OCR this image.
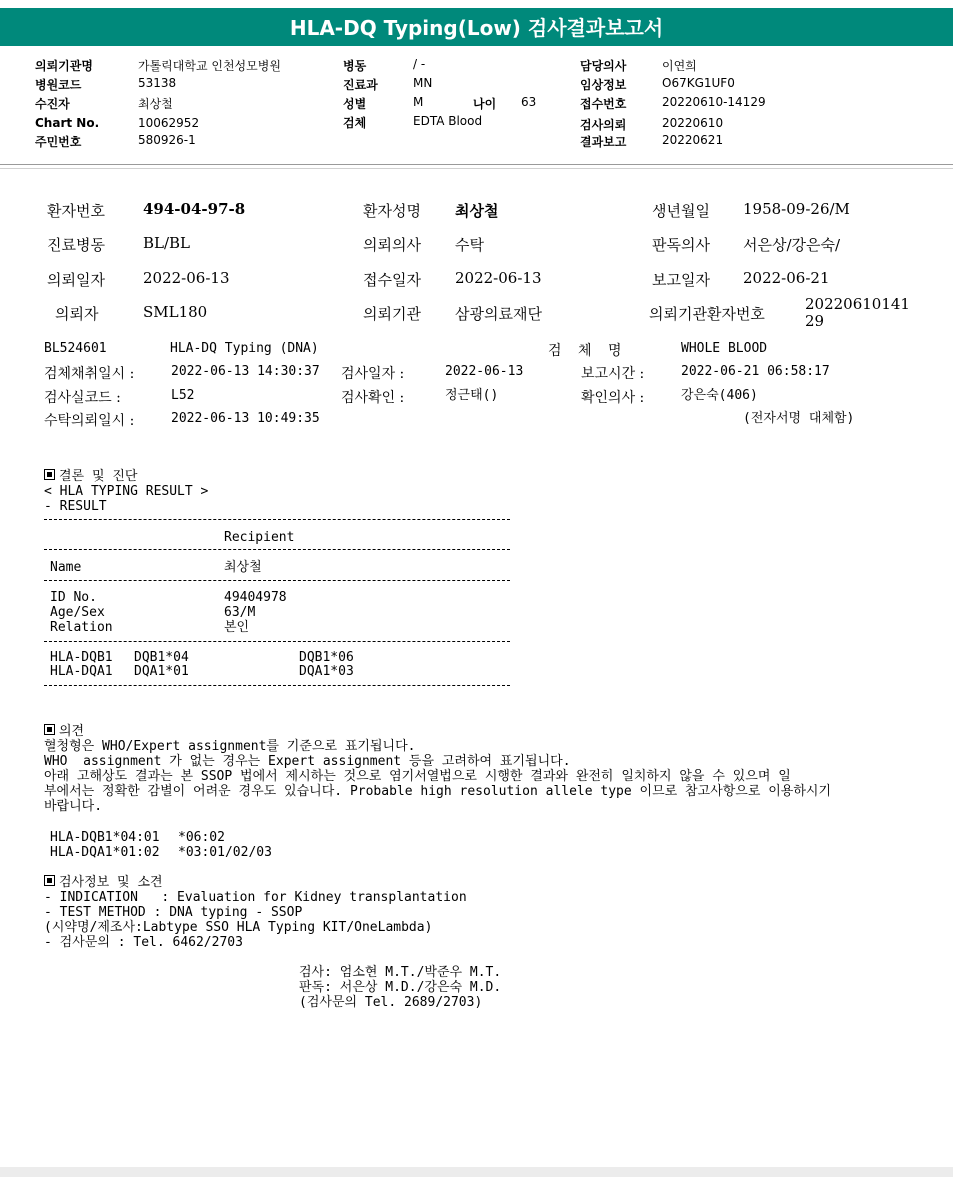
HLA-DQ Typing(Low) 검사결과보고서
의뢰기관명	가톨릭대학교 인천성모병원
병원코드	53138
수진자	최상철
Chart No.	10062952
주민번호	580926-1
병동	/ -
진료과	MN
성별	M	나이 63
검체	EDTA Blood
담당의사	이연희
임상정보	O67KG1UF0
접수번호	20220610-14129
검사의뢰	20220610
결과보고	20220621
환자번호	494-04-97-8	환자성명 최상철	생년월일 1958-09-26/M
진료병동	BL/BL	의뢰의사 수탁	판독의사 서은상/강은숙/
의뢰일자	2022-06-13	접수일자 2022-06-13	보고일자 2022-06-21
의뢰자	SML180	의뢰기관 삼광의료재단	의뢰기관환자번호
2022061014129
BL524601	HLA-DQ Typing (DNA)	검 체 명	WHOLE BLOOD
검체채취일시 :	2022-06-13 14:30:37 검사일자 :	2022-06-13	보고시간 :	2022-06-21 06:58:17
검사실코드 :	L52	검사확인 :	정근태()	확인의사 :	강은숙(406)
수탁의뢰일시 :	2022-06-13 10:49:35	(전자서명 대체함)
결론 및 진단
< HLA TYPING RESULT >
- RESULT
Recipient
Name	최상철
ID No.	49404978
Age/Sex	63/M
Relation	본인
HLA-DQB1 DQB1*04	DQB1*06
HLA-DQA1 DQA1*01	DQA1*03
의견
혈청형은 WHO/Expert assignment를 기준으로 표기됩니다.
WHO  assignment 가 없는 경우는 Expert assignment 등을 고려하여 표기됩니다.
아래 고해상도 결과는 본 SSOP 법에서 제시하는 것으로 염기서열법으로 시행한 결과와 완전히 일치하지 않을 수 있으며 일
부에서는 정확한 감별이 어려운 경우도 있습니다. Probable high resolution allele type 이므로 참고사항으로 이용하시기
바랍니다.
HLA-DQB1*04:01 *06:02
HLA-DQA1*01:02 *03:01/02/03
검사정보 및 소견
- INDICATION   : Evaluation for Kidney transplantation
- TEST METHOD : DNA typing - SSOP
(시약명/제조사:Labtype SSO HLA Typing KIT/OneLambda)
- 검사문의 : Tel. 6462/2703
검사: 엄소현 M.T./박준우 M.T.
판독: 서은상 M.D./강은숙 M.D.
(검사문의 Tel. 2689/2703)
